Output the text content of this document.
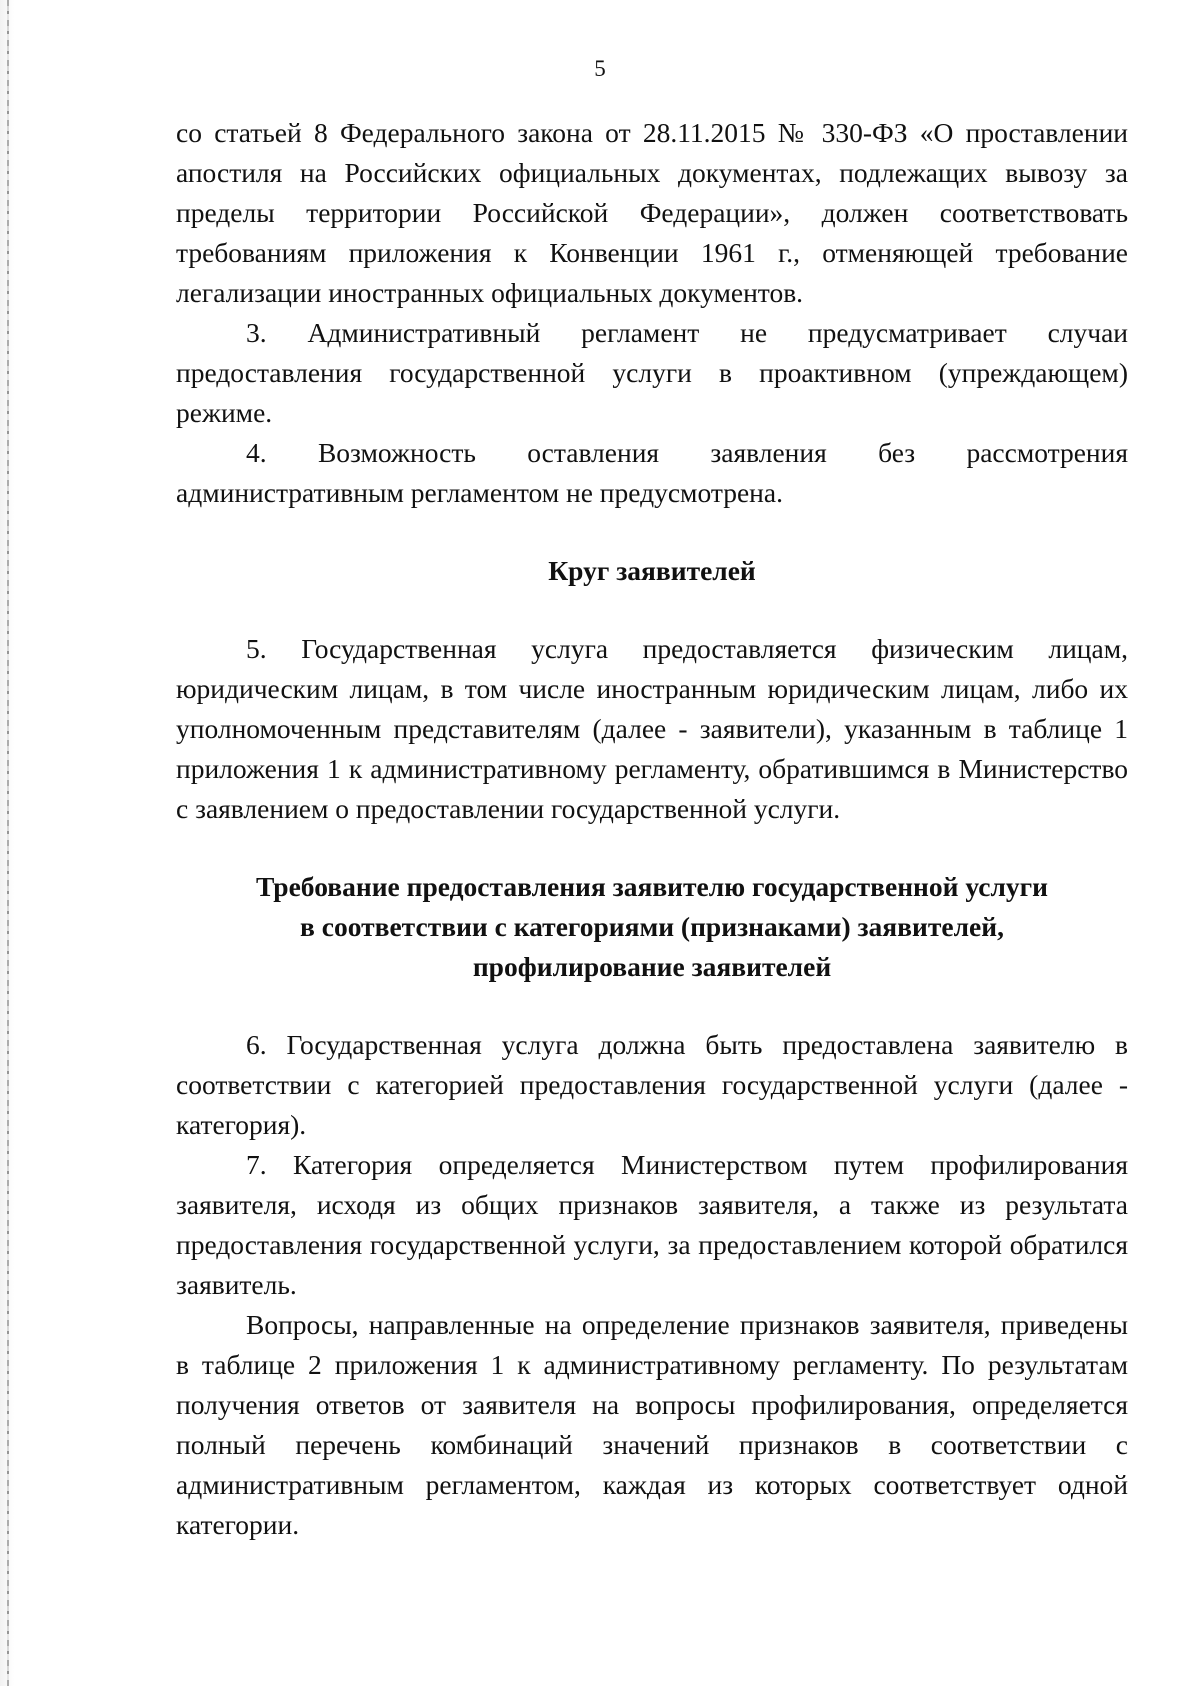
5

со статьей 8 Федерального закона от 28.11.2015 № 330-ФЗ «О проставлении апостиля на Российских официальных документах, подлежащих вывозу за пределы территории Российской Федерации», должен соответствовать требованиям приложения к Конвенции 1961 г., отменяющей требование легализации иностранных официальных документов.

3. Административный регламент не предусматривает случаи предоставления государственной услуги в проактивном (упреждающем) режиме.

4. Возможность оставления заявления без рассмотрения административным регламентом не предусмотрена.

Круг заявителей

5. Государственная услуга предоставляется физическим лицам, юридическим лицам, в том числе иностранным юридическим лицам, либо их уполномоченным представителям (далее - заявители), указанным в таблице 1 приложения 1 к административному регламенту, обратившимся в Министерство с заявлением о предоставлении государственной услуги.

Требование предоставления заявителю государственной услуги
в соответствии с категориями (признаками) заявителей,
профилирование заявителей

6. Государственная услуга должна быть предоставлена заявителю в соответствии с категорией предоставления государственной услуги (далее - категория).

7. Категория определяется Министерством путем профилирования заявителя, исходя из общих признаков заявителя, а также из результата предоставления государственной услуги, за предоставлением которой обратился заявитель.

Вопросы, направленные на определение признаков заявителя, приведены в таблице 2 приложения 1 к административному регламенту. По результатам получения ответов от заявителя на вопросы профилирования, определяется полный перечень комбинаций значений признаков в соответствии с административным регламентом, каждая из которых соответствует одной категории.
